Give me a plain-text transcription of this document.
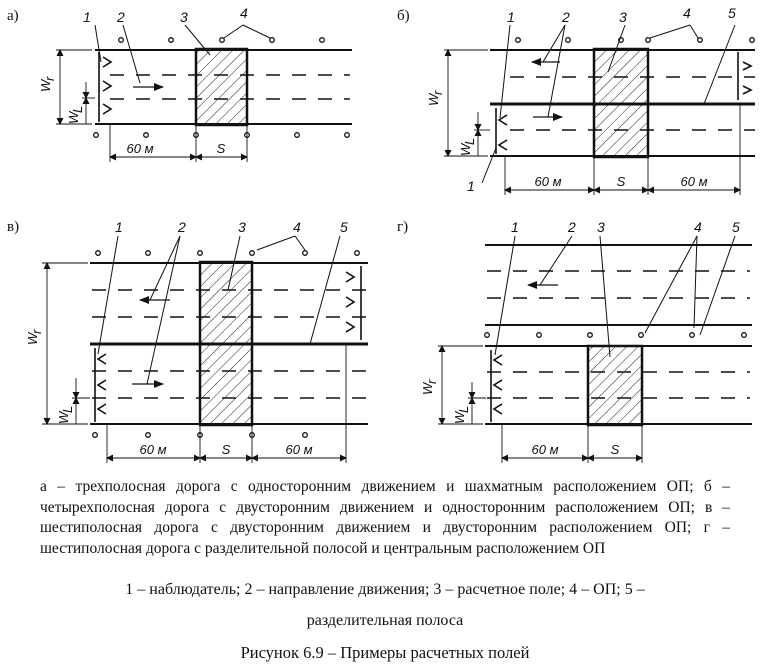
а)	1 2	3	4
60 м	S
W
r
W
L
б)	1	2	3	4	5
1	60 м	S	60 м
W
r
W
L
в)	1	2	3	4	5
60 м	S	60 м
W
r
W
L
г)	1	2 3	4 5
60 м	S
W
r
W
L
а – трехполосная дорога с односторонним движением и шахматным расположением ОП; б – четырехполосная дорога с двусторонним движением и односторонним расположением ОП; в – шестиполосная дорога с двусторонним движением и двусторонним расположением ОП; г – шестиполосная дорога с разделительной полосой и центральным расположением ОП
1 – наблюдатель; 2 – направление движения; 3 – расчетное поле; 4 – ОП; 5 –
разделительная полоса
Рисунок 6.9 – Примеры расчетных полей
